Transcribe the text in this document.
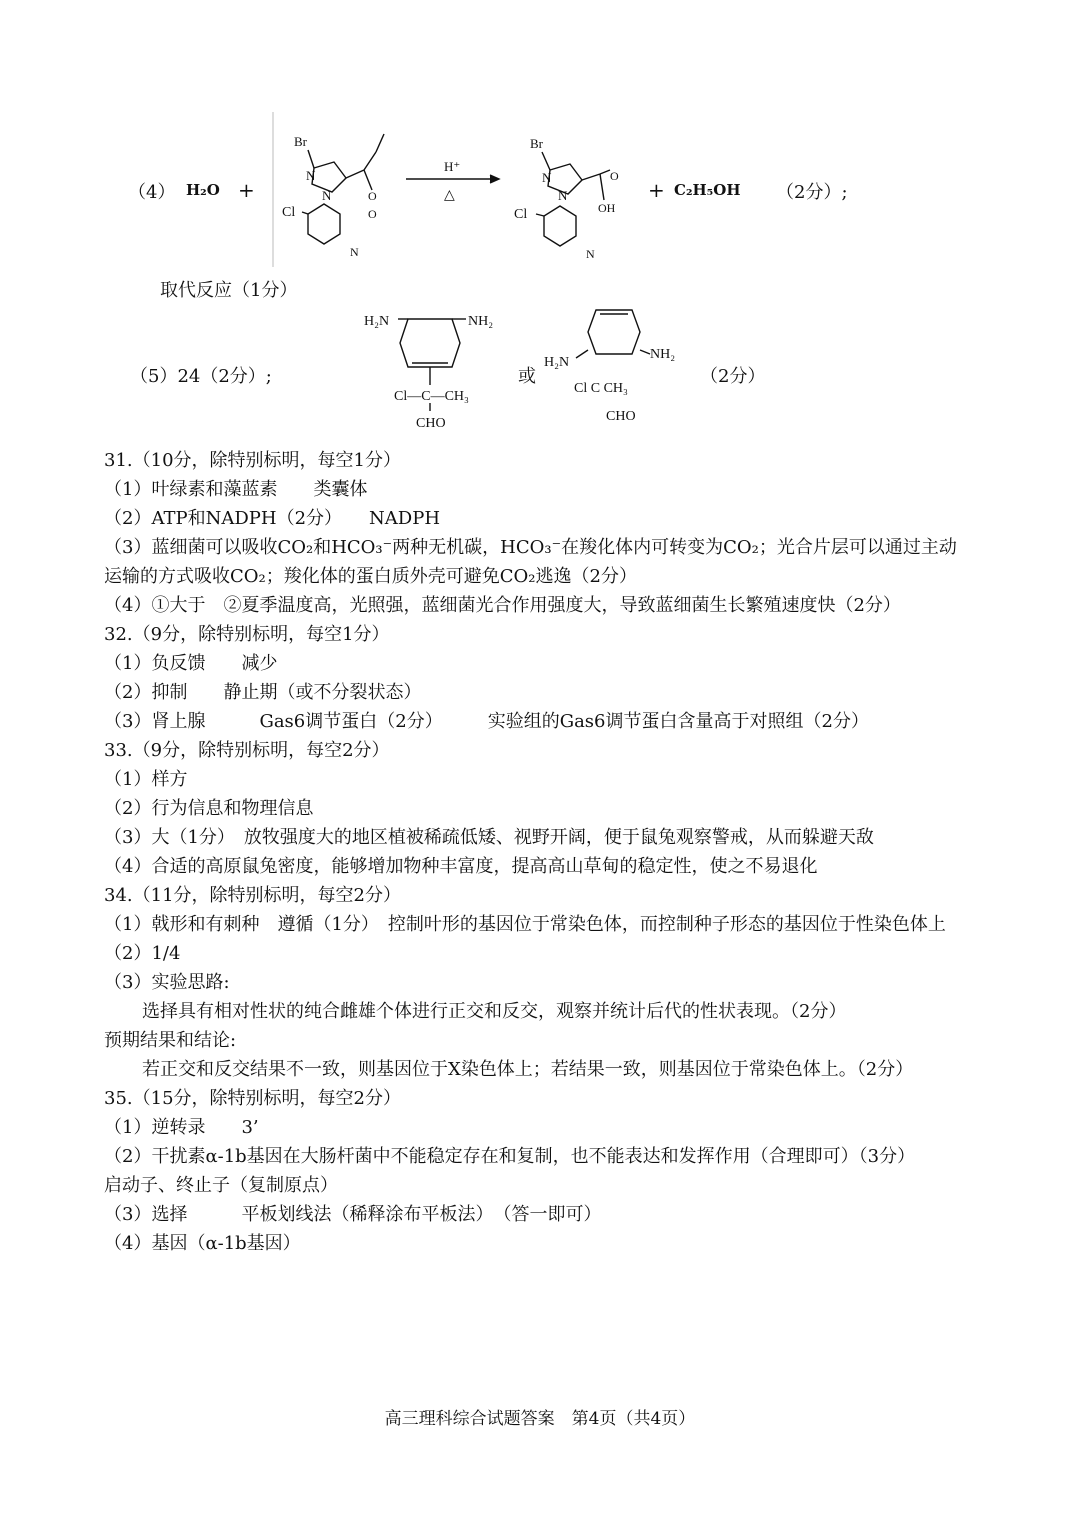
（4） H₂O +
Br
N
N
Cl
O
O
N
H⁺
△
Br
N
N
Cl
O
OH
N
+ C₂H₅OH （2分）;
取代反应（1分）
（5）24（2分）;
H₂N	NH₂
Cl—C—CH₃
CHO
或
H₂N
NH₂
Cl C CH₃
CHO
（2分）
31.（10分，除特别标明，每空1分）
（1）叶绿素和藻蓝素　　类囊体
（2）ATP和NADPH（2分）　　NADPH
（3）蓝细菌可以吸收CO₂和HCO₃⁻两种无机碳，HCO₃⁻在羧化体内可转变为CO₂；光合片层可以通过主动
运输的方式吸收CO₂；羧化体的蛋白质外壳可避免CO₂逃逸（2分）
（4）①大于　②夏季温度高，光照强，蓝细菌光合作用强度大，导致蓝细菌生长繁殖速度快（2分）
32.（9分，除特别标明，每空1分）
（1）负反馈　　减少
（2）抑制　　静止期（或不分裂状态）
（3）肾上腺　　　Gas6调节蛋白（2分）　　　实验组的Gas6调节蛋白含量高于对照组（2分）
33.（9分，除特别标明，每空2分）
（1）样方
（2）行为信息和物理信息
（3）大（1分）　放牧强度大的地区植被稀疏低矮、视野开阔，便于鼠兔观察警戒，从而躲避天敌
（4）合适的高原鼠兔密度，能够增加物种丰富度，提高高山草甸的稳定性，使之不易退化
34.（11分，除特别标明，每空2分）
（1）戟形和有刺种　遵循（1分）　控制叶形的基因位于常染色体，而控制种子形态的基因位于性染色体上
（2）1/4
（3）实验思路:
选择具有相对性状的纯合雌雄个体进行正交和反交，观察并统计后代的性状表现。（2分）
预期结果和结论:
若正交和反交结果不一致，则基因位于X染色体上；若结果一致，则基因位于常染色体上。（2分）
35.（15分，除特别标明，每空2分）
（1）逆转录　　3’
（2）干扰素α-1b基因在大肠杆菌中不能稳定存在和复制，也不能表达和发挥作用（合理即可）（3分）
启动子、终止子（复制原点）
（3）选择　　　平板划线法（稀释涂布平板法）　（答一即可）
（4）基因（α-1b基因）
高三理科综合试题答案　第4页（共4页）
